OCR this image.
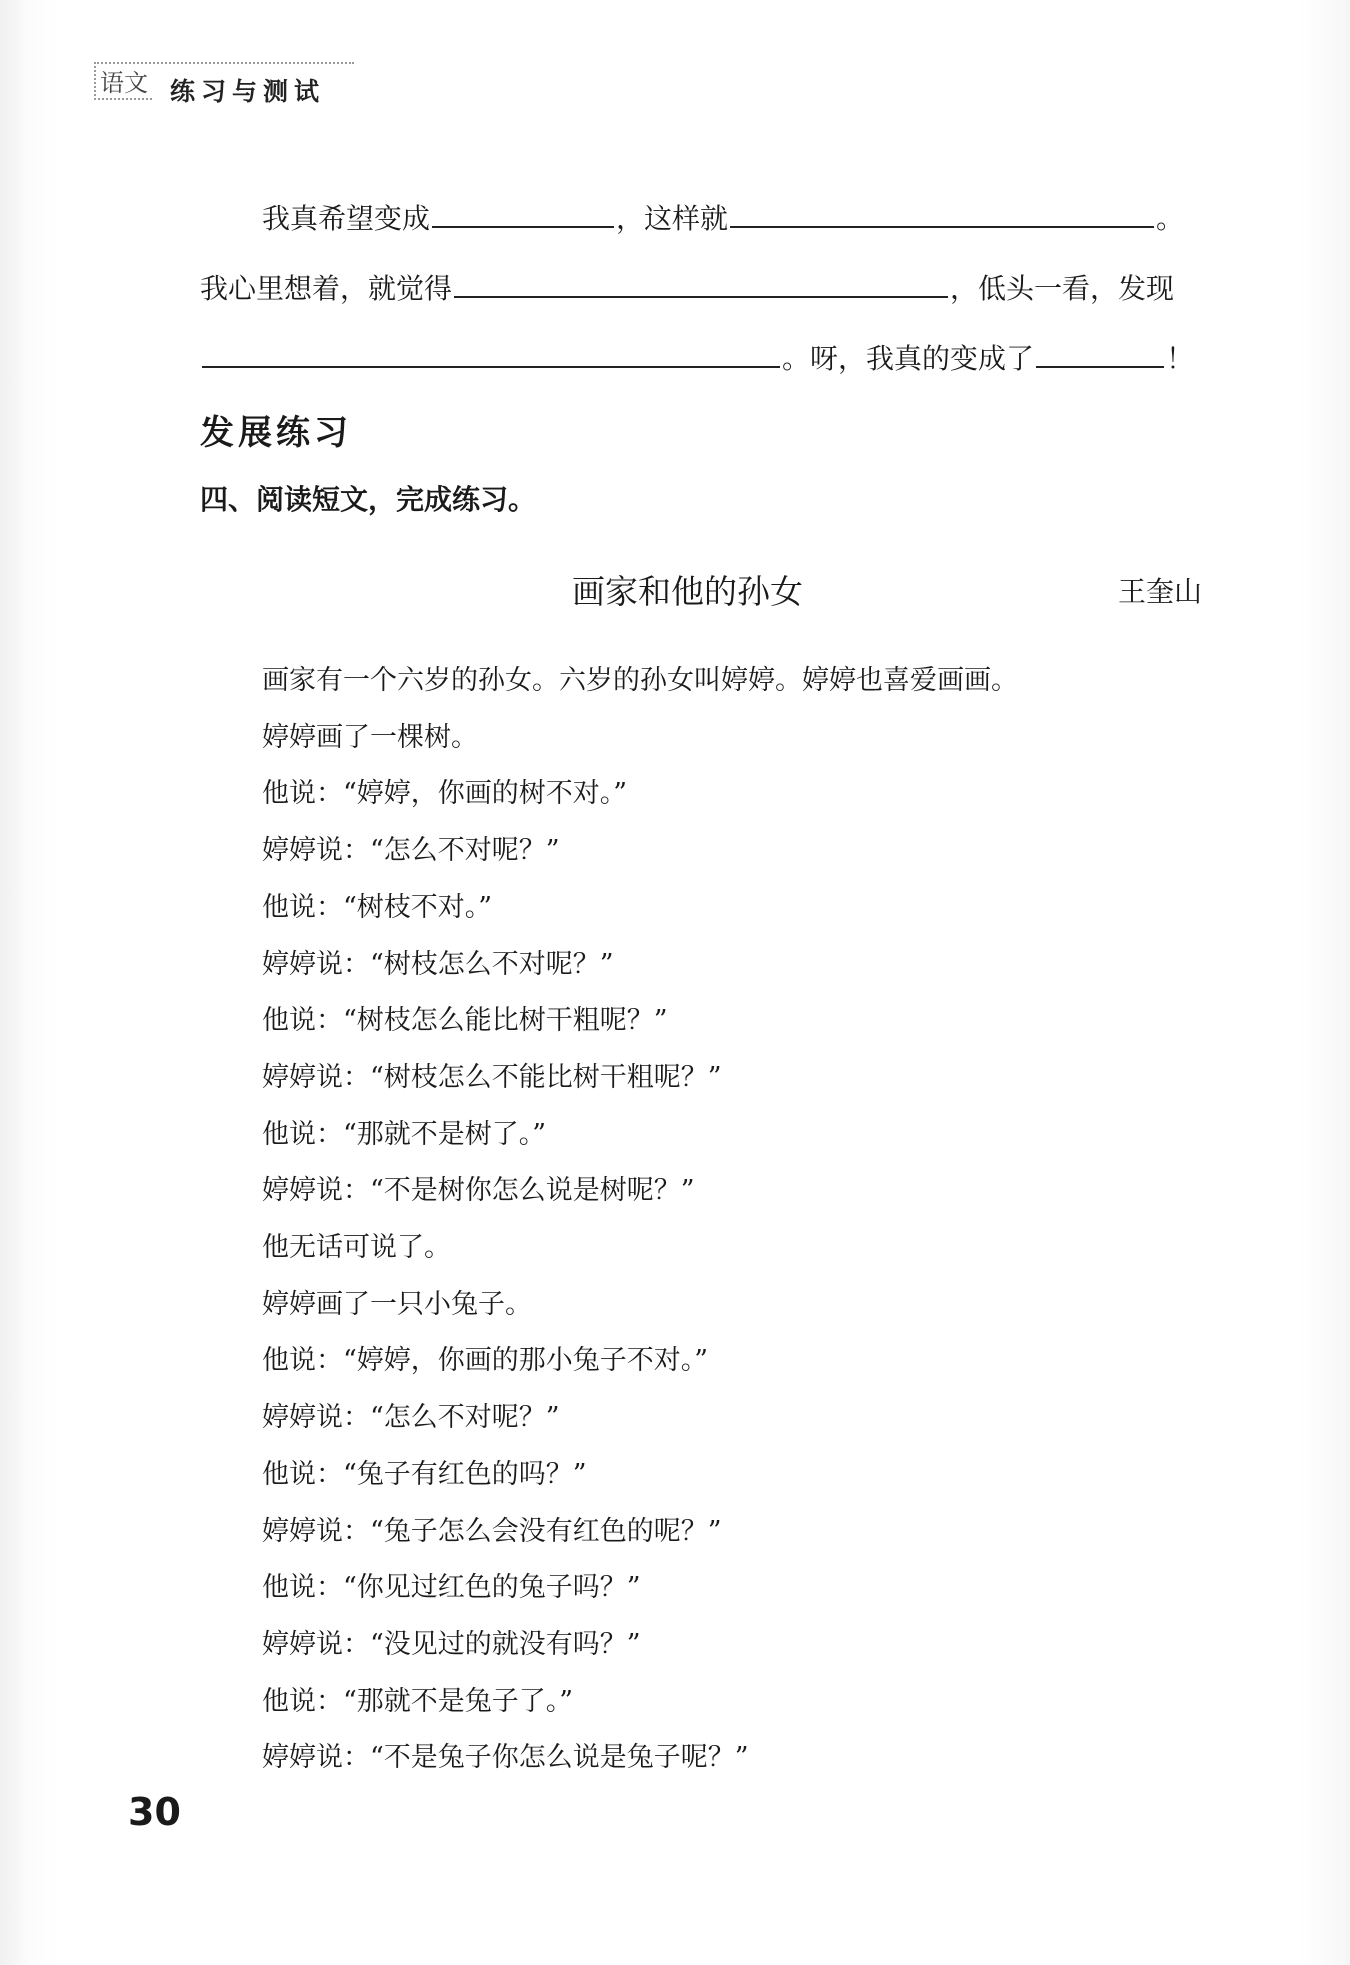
语文 练习与测试
我真希望变成	，这样就	。
我心里想着，就觉得	，低头一看，发现
。呀，我真的变成了	！
发展练习
四、阅读短文，完成练习。
画家和他的孙女	王奎山
画家有一个六岁的孙女。六岁的孙女叫婷婷。婷婷也喜爱画画。
婷婷画了一棵树。
他说：“婷婷，你画的树不对。”
婷婷说：“怎么不对呢？”
他说：“树枝不对。”
婷婷说：“树枝怎么不对呢？”
他说：“树枝怎么能比树干粗呢？”
婷婷说：“树枝怎么不能比树干粗呢？”
他说：“那就不是树了。”
婷婷说：“不是树你怎么说是树呢？”
他无话可说了。
婷婷画了一只小兔子。
他说：“婷婷，你画的那小兔子不对。”
婷婷说：“怎么不对呢？”
他说：“兔子有红色的吗？”
婷婷说：“兔子怎么会没有红色的呢？”
他说：“你见过红色的兔子吗？”
婷婷说：“没见过的就没有吗？”
他说：“那就不是兔子了。”
婷婷说：“不是兔子你怎么说是兔子呢？”
30
